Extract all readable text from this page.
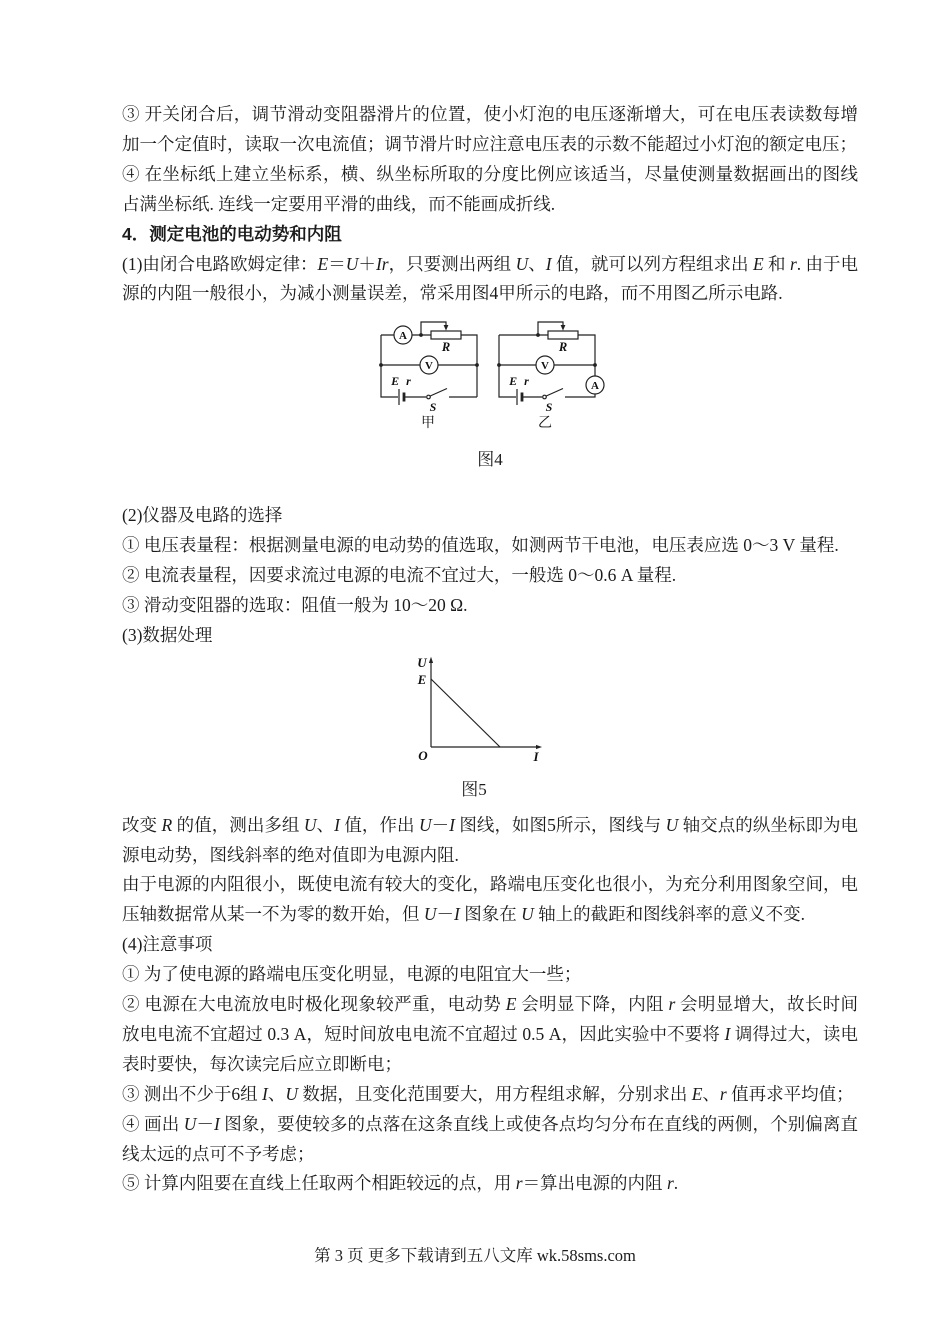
③ 开关闭合后，调节滑动变阻器滑片的位置，使小灯泡的电压逐渐增大，可在电压表读数每增加一个定值时，读取一次电流值；调节滑片时应注意电压表的示数不能超过小灯泡的额定电压；

④ 在坐标纸上建立坐标系，横、纵坐标所取的分度比例应该适当，尽量使测量数据画出的图线占满坐标纸. 连线一定要用平滑的曲线，而不能画成折线.

4．测定电池的电动势和内阻

(1)由闭合电路欧姆定律：E＝U＋Ir，只要测出两组 U、I 值，就可以列方程组求出 E 和 r. 由于电源的内阻一般很小，为减小测量误差，常采用图4甲所示的电路，而不用图乙所示电路.

A
V
R
E r
S
甲
V
A
R
E r
S
乙
图4

(2)仪器及电路的选择

① 电压表量程：根据测量电源的电动势的值选取，如测两节干电池，电压表应选 0～3 V 量程.

② 电流表量程，因要求流过电源的电流不宜过大，一般选 0～0.6 A 量程.

③ 滑动变阻器的选取：阻值一般为 10～20 Ω.

(3)数据处理

U
E
O	I
图5

改变 R 的值，测出多组 U、I 值，作出 U－I 图线，如图5所示，图线与 U 轴交点的纵坐标即为电源电动势，图线斜率的绝对值即为电源内阻.

由于电源的内阻很小，既使电流有较大的变化，路端电压变化也很小，为充分利用图象空间，电压轴数据常从某一不为零的数开始，但 U－I 图象在 U 轴上的截距和图线斜率的意义不变.

(4)注意事项

① 为了使电源的路端电压变化明显，电源的电阻宜大一些；

② 电源在大电流放电时极化现象较严重，电动势 E 会明显下降，内阻 r 会明显增大，故长时间放电电流不宜超过 0.3 A，短时间放电电流不宜超过 0.5 A，因此实验中不要将 I 调得过大，读电表时要快，每次读完后应立即断电；

③ 测出不少于6组 I、U 数据，且变化范围要大，用方程组求解，分别求出 E、r 值再求平均值；

④ 画出 U－I 图象，要使较多的点落在这条直线上或使各点均匀分布在直线的两侧，个别偏离直线太远的点可不予考虑；

⑤ 计算内阻要在直线上任取两个相距较远的点，用 r＝算出电源的内阻 r.

第 3 页 更多下载请到五八文库 wk.58sms.com
